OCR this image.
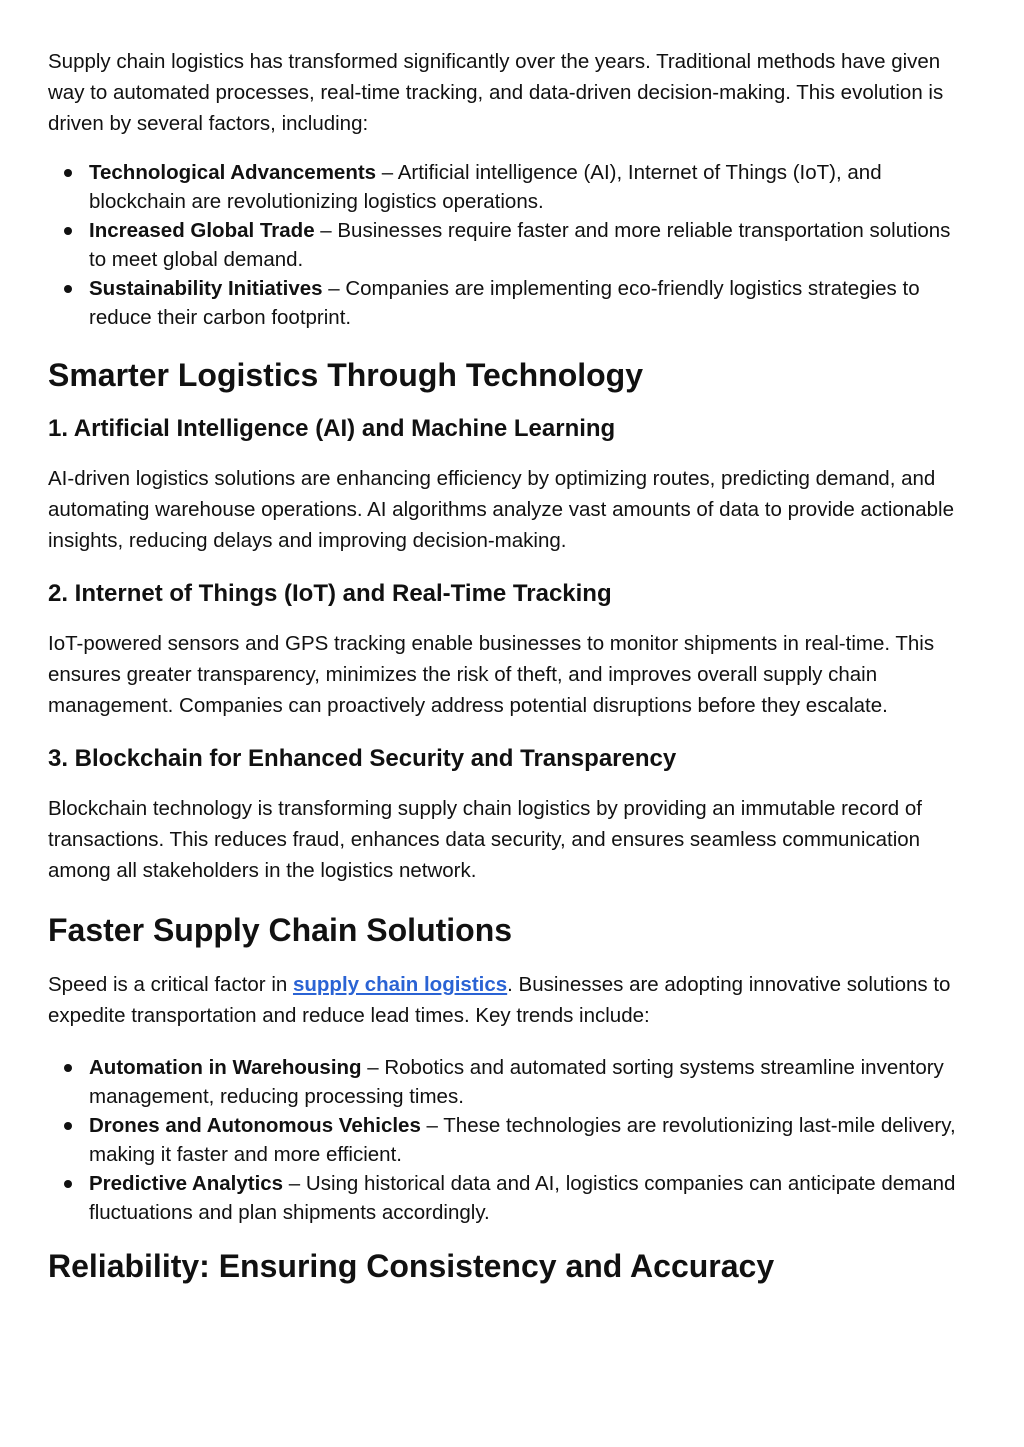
Supply chain logistics has transformed significantly over the years. Traditional methods have given way to automated processes, real-time tracking, and data-driven decision-making. This evolution is driven by several factors, including:

Technological Advancements – Artificial intelligence (AI), Internet of Things (IoT), and blockchain are revolutionizing logistics operations.
Increased Global Trade – Businesses require faster and more reliable transportation solutions to meet global demand.
Sustainability Initiatives – Companies are implementing eco-friendly logistics strategies to reduce their carbon footprint.
Smarter Logistics Through Technology
1. Artificial Intelligence (AI) and Machine Learning

AI-driven logistics solutions are enhancing efficiency by optimizing routes, predicting demand, and automating warehouse operations. AI algorithms analyze vast amounts of data to provide actionable insights, reducing delays and improving decision-making.

2. Internet of Things (IoT) and Real-Time Tracking

IoT-powered sensors and GPS tracking enable businesses to monitor shipments in real-time. This ensures greater transparency, minimizes the risk of theft, and improves overall supply chain management. Companies can proactively address potential disruptions before they escalate.

3. Blockchain for Enhanced Security and Transparency

Blockchain technology is transforming supply chain logistics by providing an immutable record of transactions. This reduces fraud, enhances data security, and ensures seamless communication among all stakeholders in the logistics network.

Faster Supply Chain Solutions

Speed is a critical factor in supply chain logistics. Businesses are adopting innovative solutions to expedite transportation and reduce lead times. Key trends include:

Automation in Warehousing – Robotics and automated sorting systems streamline inventory management, reducing processing times.
Drones and Autonomous Vehicles – These technologies are revolutionizing last-mile delivery, making it faster and more efficient.
Predictive Analytics – Using historical data and AI, logistics companies can anticipate demand fluctuations and plan shipments accordingly.
Reliability: Ensuring Consistency and Accuracy
